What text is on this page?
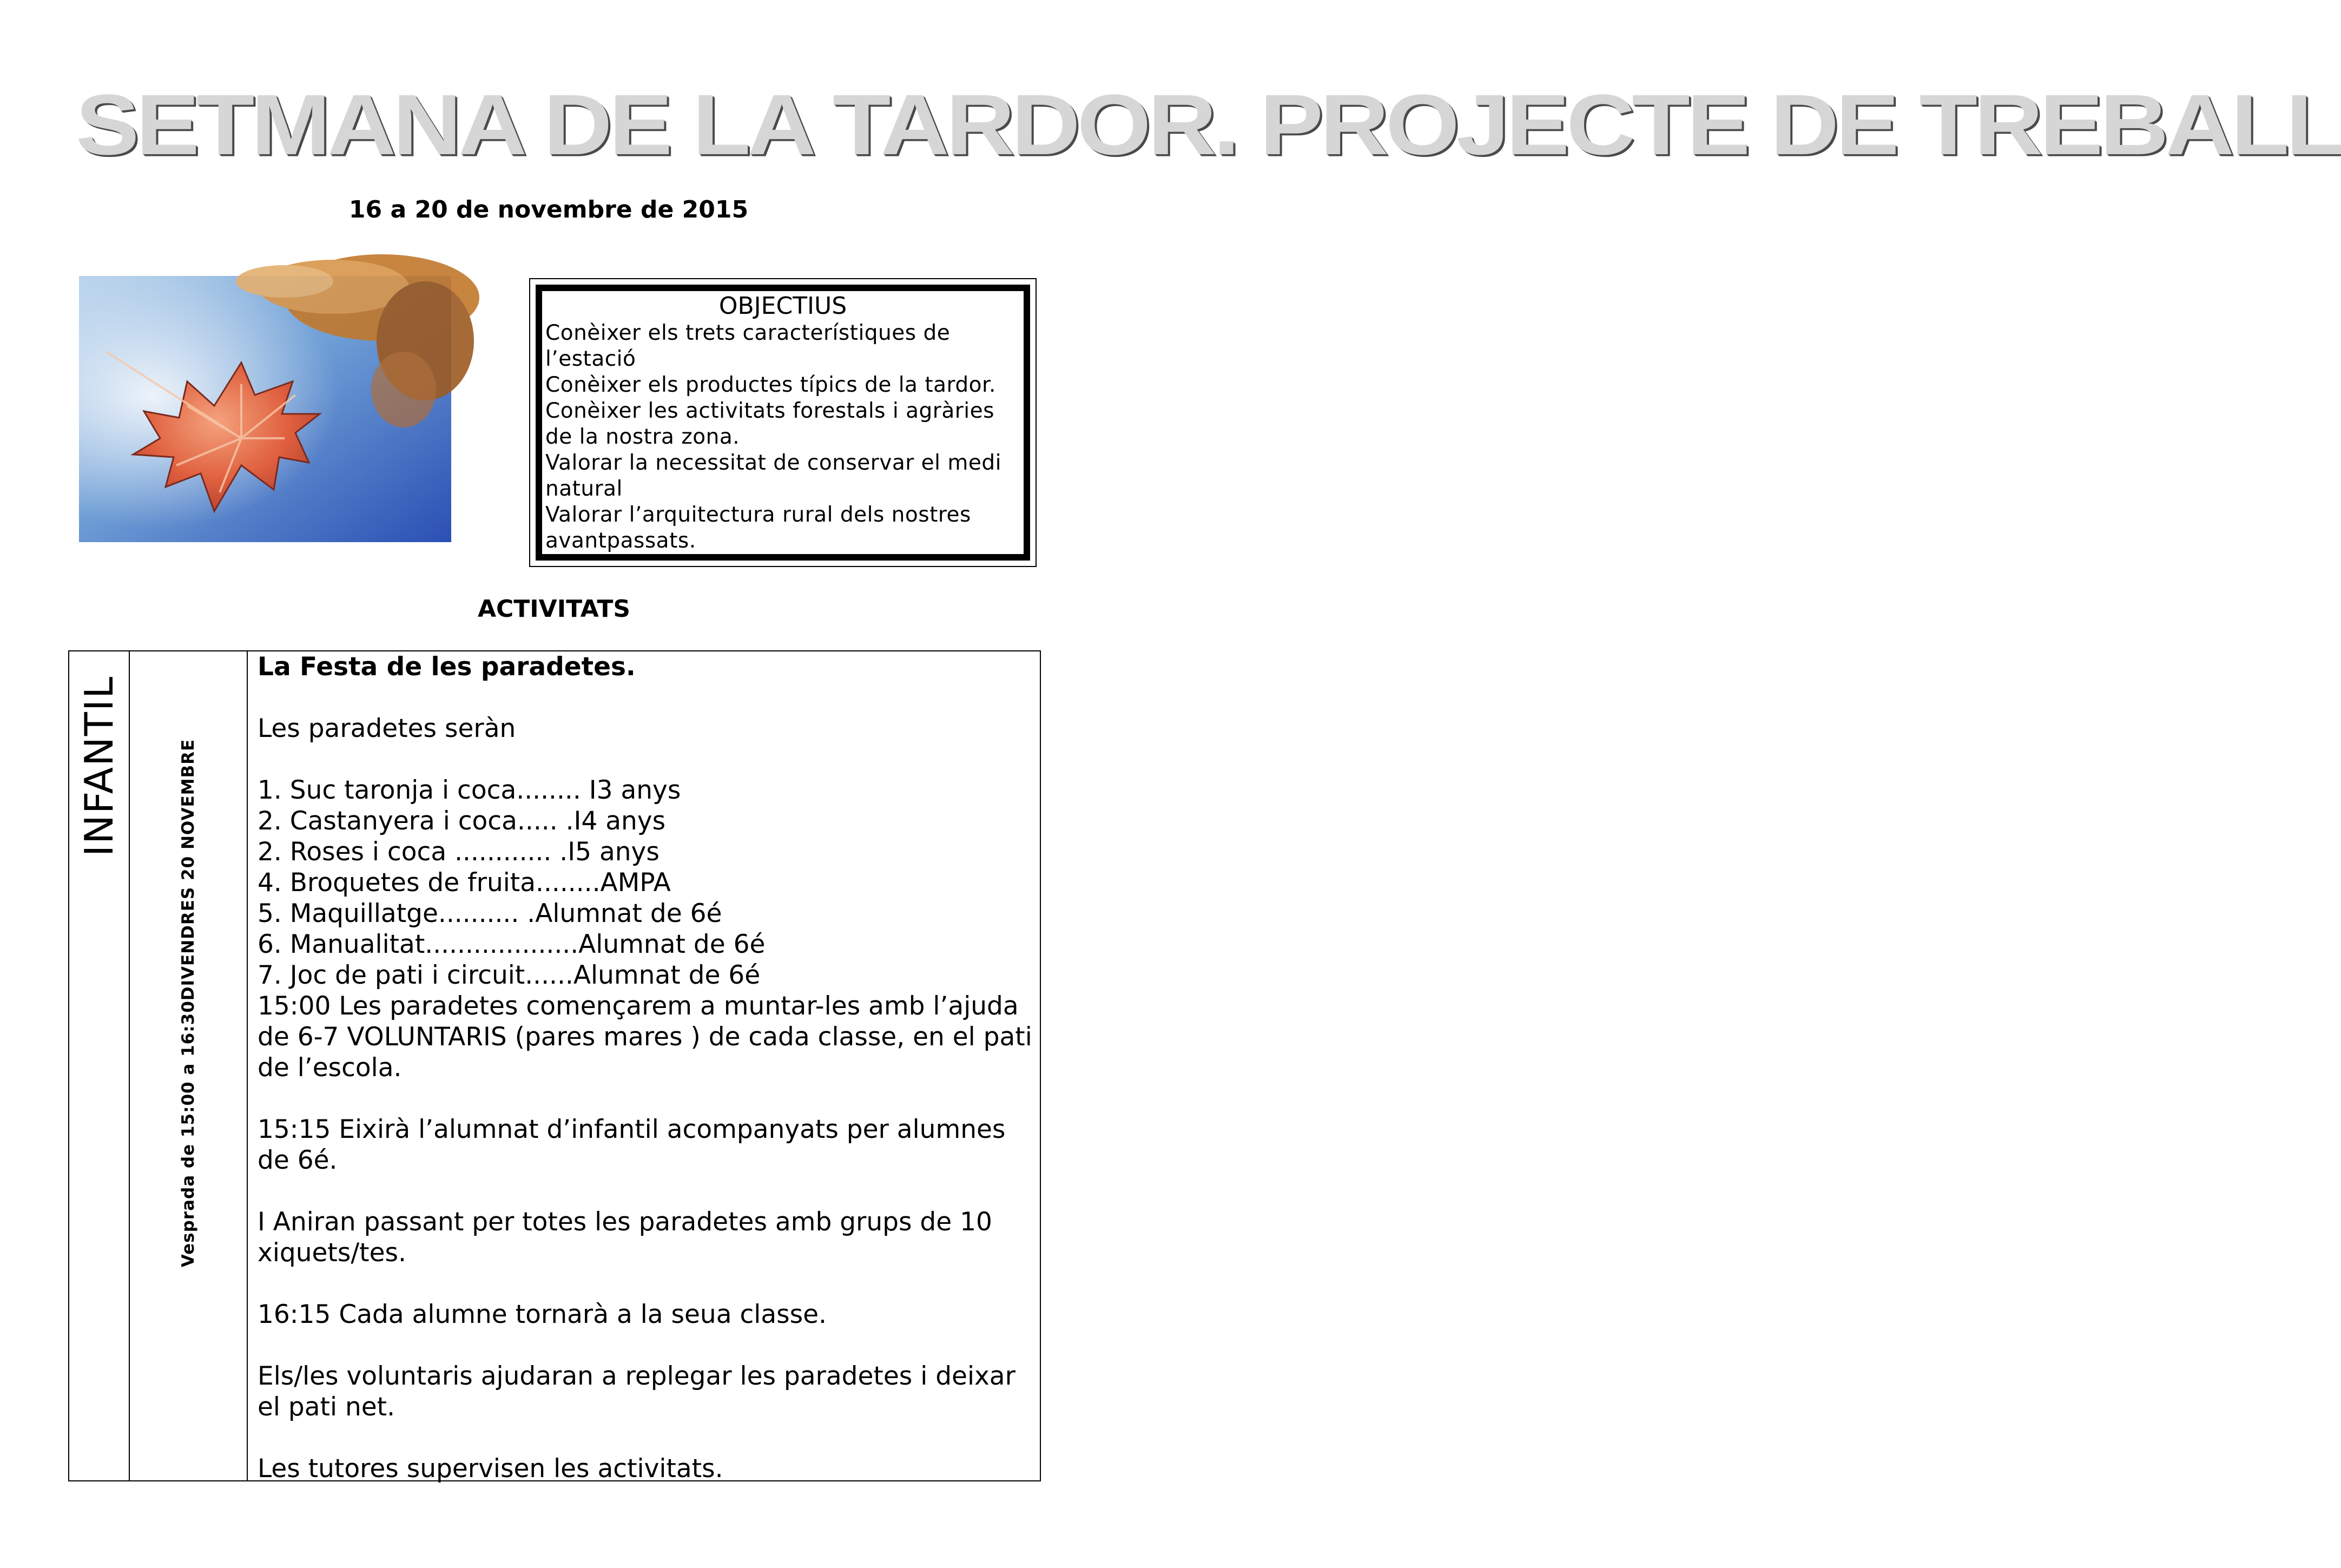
SETMANA DE LA TARDOR. PROJECTE DE TREBALL
16 a 20 de novembre de 2015
OBJECTIUS
Conèixer els trets característiques de l’estació
Conèixer els productes típics de la tardor.
Conèixer les activitats forestals i agràries de la nostra zona.
Valorar la necessitat de conservar el medi natural
Valorar l’arquitectura rural dels nostres avantpassats.
ACTIVITATS
INFANTIL	Vesprada de 15:00 a 16:30DIVENDRES 20 NOVEMBRE
La Festa de les paradetes.
Les paradetes seràn
1. Suc taronja i coca........ I3 anys
2. Castanyera i coca..... .I4 anys
2. Roses i coca ............ .I5 anys
4. Broquetes de fruita........AMPA
5. Maquillatge.......... .Alumnat de 6é
6. Manualitat...................Alumnat de 6é
7. Joc de pati i circuit......Alumnat de 6é
15:00 Les paradetes començarem a muntar-les amb l’ajuda de 6-7 VOLUNTARIS (pares mares ) de cada classe, en el pati de l’escola.
15:15 Eixirà l’alumnat d’infantil acompanyats per alumnes de 6é.
I Aniran passant per totes les paradetes amb grups de 10 xiquets/tes.
16:15 Cada alumne tornarà a la seua classe.
Els/les voluntaris ajudaran a replegar les paradetes i deixar el pati net.
Les tutores supervisen les activitats.
